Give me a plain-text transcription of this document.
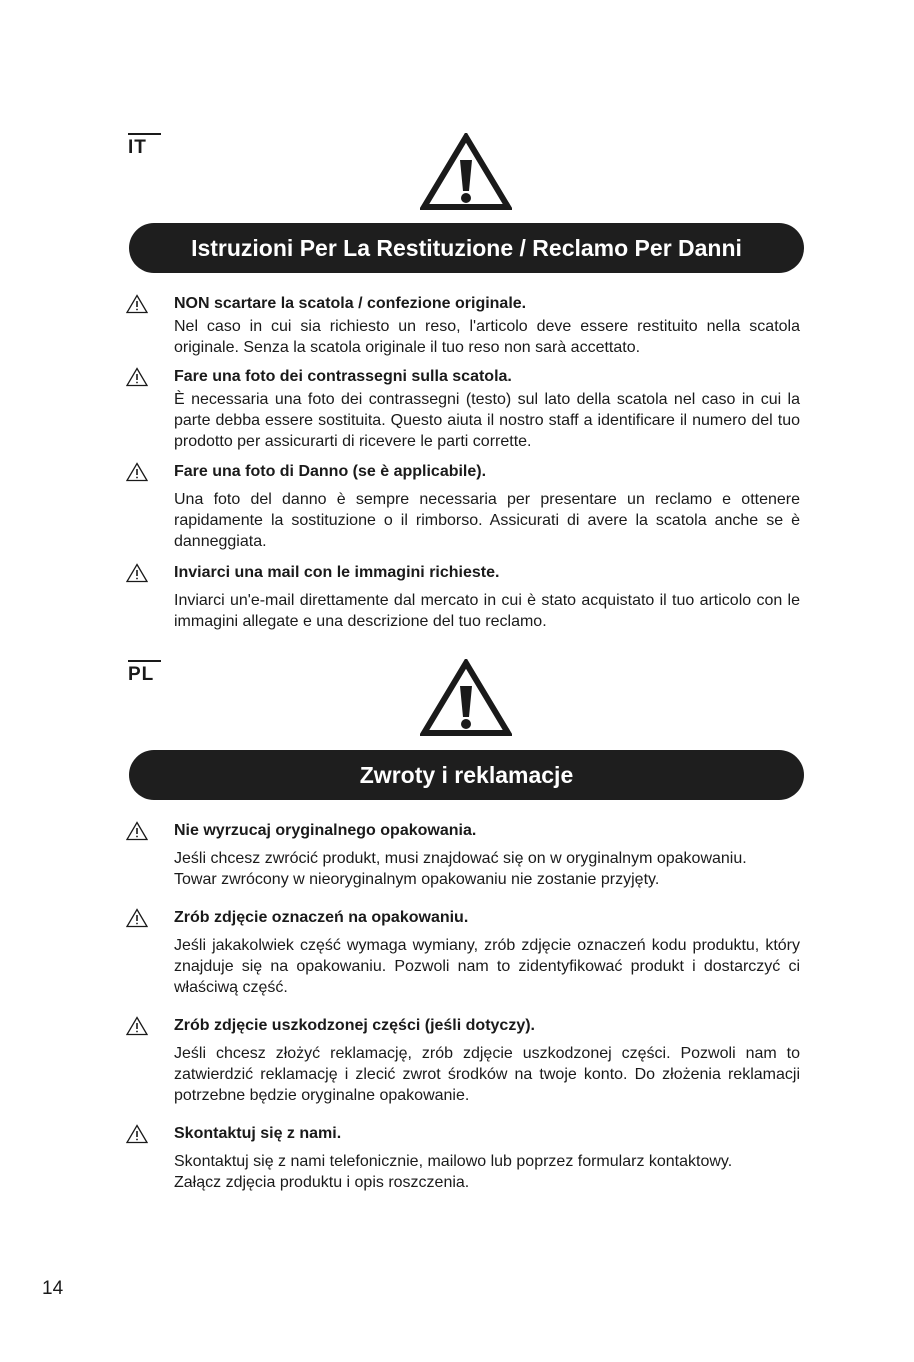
IT
Istruzioni Per La Restituzione / Reclamo Per Danni
NON scartare la scatola / confezione originale.
Nel caso in cui sia richiesto un reso, l'articolo deve essere restituito nella scatola originale. Senza la scatola originale il tuo reso non sarà accettato.
Fare una foto dei contrassegni sulla scatola.
È necessaria una foto dei contrassegni (testo) sul lato della scatola nel caso in cui la parte debba essere sostituita. Questo aiuta il nostro staff a identificare il numero del tuo prodotto per assicurarti di ricevere le parti corrette.
Fare una foto di Danno (se è applicabile).
Una foto del danno è sempre necessaria per presentare un reclamo e ottenere rapidamente la sostituzione o il rimborso. Assicurati di avere la scatola anche se è danneggiata.
Inviarci una mail con le immagini richieste.
Inviarci un'e-mail direttamente dal mercato in cui è stato acquistato il tuo articolo con le immagini allegate e una descrizione del tuo reclamo.
PL
Zwroty i reklamacje
Nie wyrzucaj oryginalnego opakowania.
Jeśli chcesz zwrócić produkt, musi znajdować się on w oryginalnym opakowaniu.
Towar zwrócony w nieoryginalnym opakowaniu nie zostanie przyjęty.
Zrób zdjęcie oznaczeń na opakowaniu.
Jeśli jakakolwiek część wymaga wymiany, zrób zdjęcie oznaczeń kodu produktu, który znajduje się na opakowaniu. Pozwoli nam to zidentyfikować produkt i dostarczyć ci właściwą część.
Zrób zdjęcie uszkodzonej części (jeśli dotyczy).
Jeśli chcesz złożyć reklamację, zrób zdjęcie uszkodzonej części. Pozwoli nam to zatwierdzić reklamację i zlecić zwrot środków na twoje konto. Do złożenia reklamacji potrzebne będzie oryginalne opakowanie.
Skontaktuj się z nami.
Skontaktuj się z nami telefonicznie, mailowo lub poprzez formularz kontaktowy.
Załącz zdjęcia produktu i opis roszczenia.
14
